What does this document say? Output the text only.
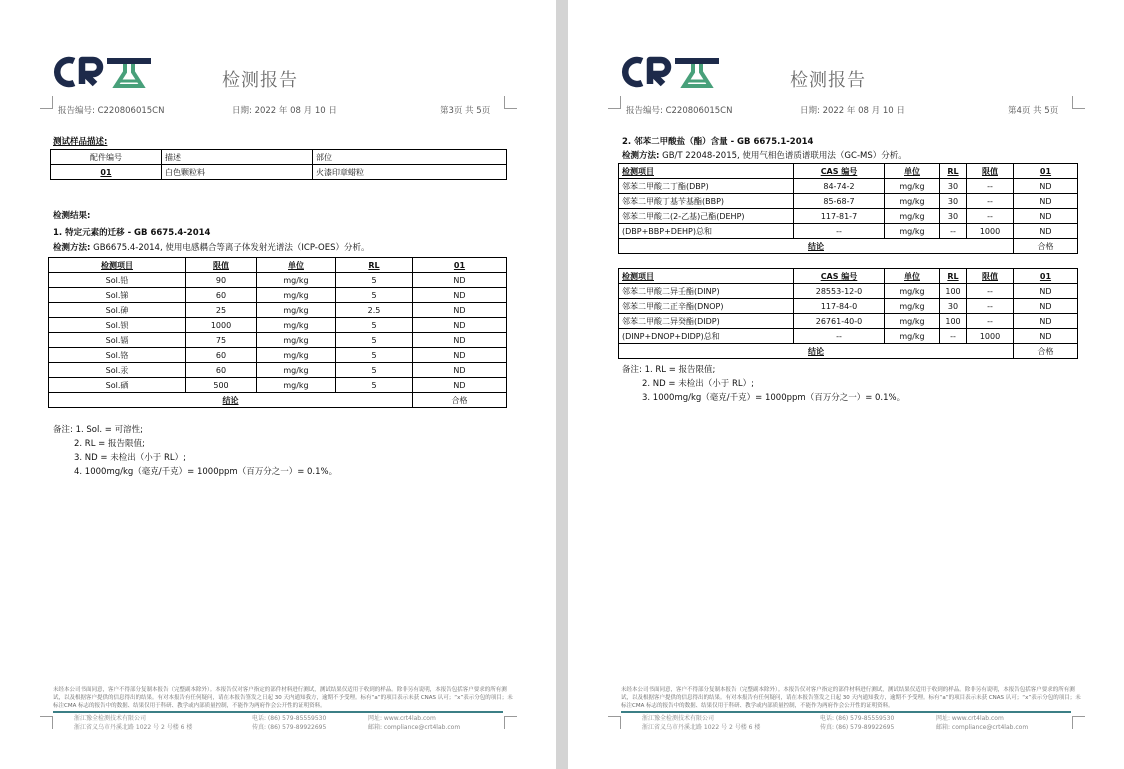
检测报告
报告编号: C220806015CN	日期: 2022 年 08 月 10 日	第3页 共 5页
测试样品描述:
配件编号	描述	部位
01	白色颗粒料	火漆印章蜡粒
检测结果:
1. 特定元素的迁移 - GB 6675.4-2014
检测方法: GB6675.4-2014, 使用电感耦合等离子体发射光谱法（ICP-OES）分析。
检测项目	限值	单位	RL	01
Sol.铅	90	mg/kg	5	ND
Sol.锑	60	mg/kg	5	ND
Sol.砷	25	mg/kg	2.5	ND
Sol.钡	1000	mg/kg	5	ND
Sol.镉	75	mg/kg	5	ND
Sol.铬	60	mg/kg	5	ND
Sol.汞	60	mg/kg	5	ND
Sol.硒	500	mg/kg	5	ND
结论				合格
备注: 1. Sol. = 可溶性;
2. RL = 报告限值;
3. ND = 未检出（小于 RL）;
4. 1000mg/kg（毫克/千克）= 1000ppm（百万分之一）= 0.1%。
未经本公司书面同意，客户不得部分复制本报告（完整副本除外）。本报告仅对客户指定的部件材料进行测试，测试结果仅适用于收到的样品。除非另有说明，本报告包括客户要求的所有测试，以及根据客户提供的信息得出的结果。有对本报告有任何疑问，请在本报告签发之日起 30 天内通知我方，逾期不予受理。标有“a”的项目表示未获 CNAS 认可；“x”表示分包的项目；未标注CMA 标志的报告中的数据、结果仅用于科研、教学或内部质量控制，不能作为两府作会公开性的证明资料。
浙江豫全检测技术有限公司
浙江省义乌市丹溪北路 1022 号 2 号楼 6 楼
电话: (86) 579-85559530
传真: (86) 579-89922695
网址: www.crt4lab.com
邮箱: compliance@crt4lab.com
检测报告
报告编号: C220806015CN	日期: 2022 年 08 月 10 日	第4页 共 5页
2. 邻苯二甲酸盐（酯）含量 - GB 6675.1-2014
检测方法: GB/T 22048-2015, 使用气相色谱质谱联用法（GC-MS）分析。
检测项目	CAS 编号	单位	RL	限值	01
邻苯二甲酸二丁酯(DBP)	84-74-2	mg/kg	30	--	ND
邻苯二甲酸丁基苄基酯(BBP)	85-68-7	mg/kg	30	--	ND
邻苯二甲酸二(2-乙基)己酯(DEHP)	117-81-7	mg/kg	30	--	ND
(DBP+BBP+DEHP)总和	--	mg/kg	--	1000	ND
结论					合格
检测项目	CAS 编号	单位	RL	限值	01
邻苯二甲酸二异壬酯(DINP)	28553-12-0	mg/kg	100	--	ND
邻苯二甲酸二正辛酯(DNOP)	117-84-0	mg/kg	30	--	ND
邻苯二甲酸二异癸酯(DIDP)	26761-40-0	mg/kg	100	--	ND
(DINP+DNOP+DIDP)总和	--	mg/kg	--	1000	ND
结论					合格
备注: 1. RL = 报告限值;
2. ND = 未检出（小于 RL）;
3. 1000mg/kg（毫克/千克）= 1000ppm（百万分之一）= 0.1%。
未经本公司书面同意，客户不得部分复制本报告（完整副本除外）。本报告仅对客户指定的部件材料进行测试，测试结果仅适用于收到的样品。除非另有说明，本报告包括客户要求的所有测试，以及根据客户提供的信息得出的结果。有对本报告有任何疑问，请在本报告签发之日起 30 天内通知我方，逾期不予受理。标有“a”的项目表示未获 CNAS 认可；“x”表示分包的项目；未标注CMA 标志的报告中的数据、结果仅用于科研、教学或内部质量控制，不能作为两府作会公开性的证明资料。
浙江豫全检测技术有限公司
浙江省义乌市丹溪北路 1022 号 2 号楼 6 楼
电话: (86) 579-85559530
传真: (86) 579-89922695
网址: www.crt4lab.com
邮箱: compliance@crt4lab.com
